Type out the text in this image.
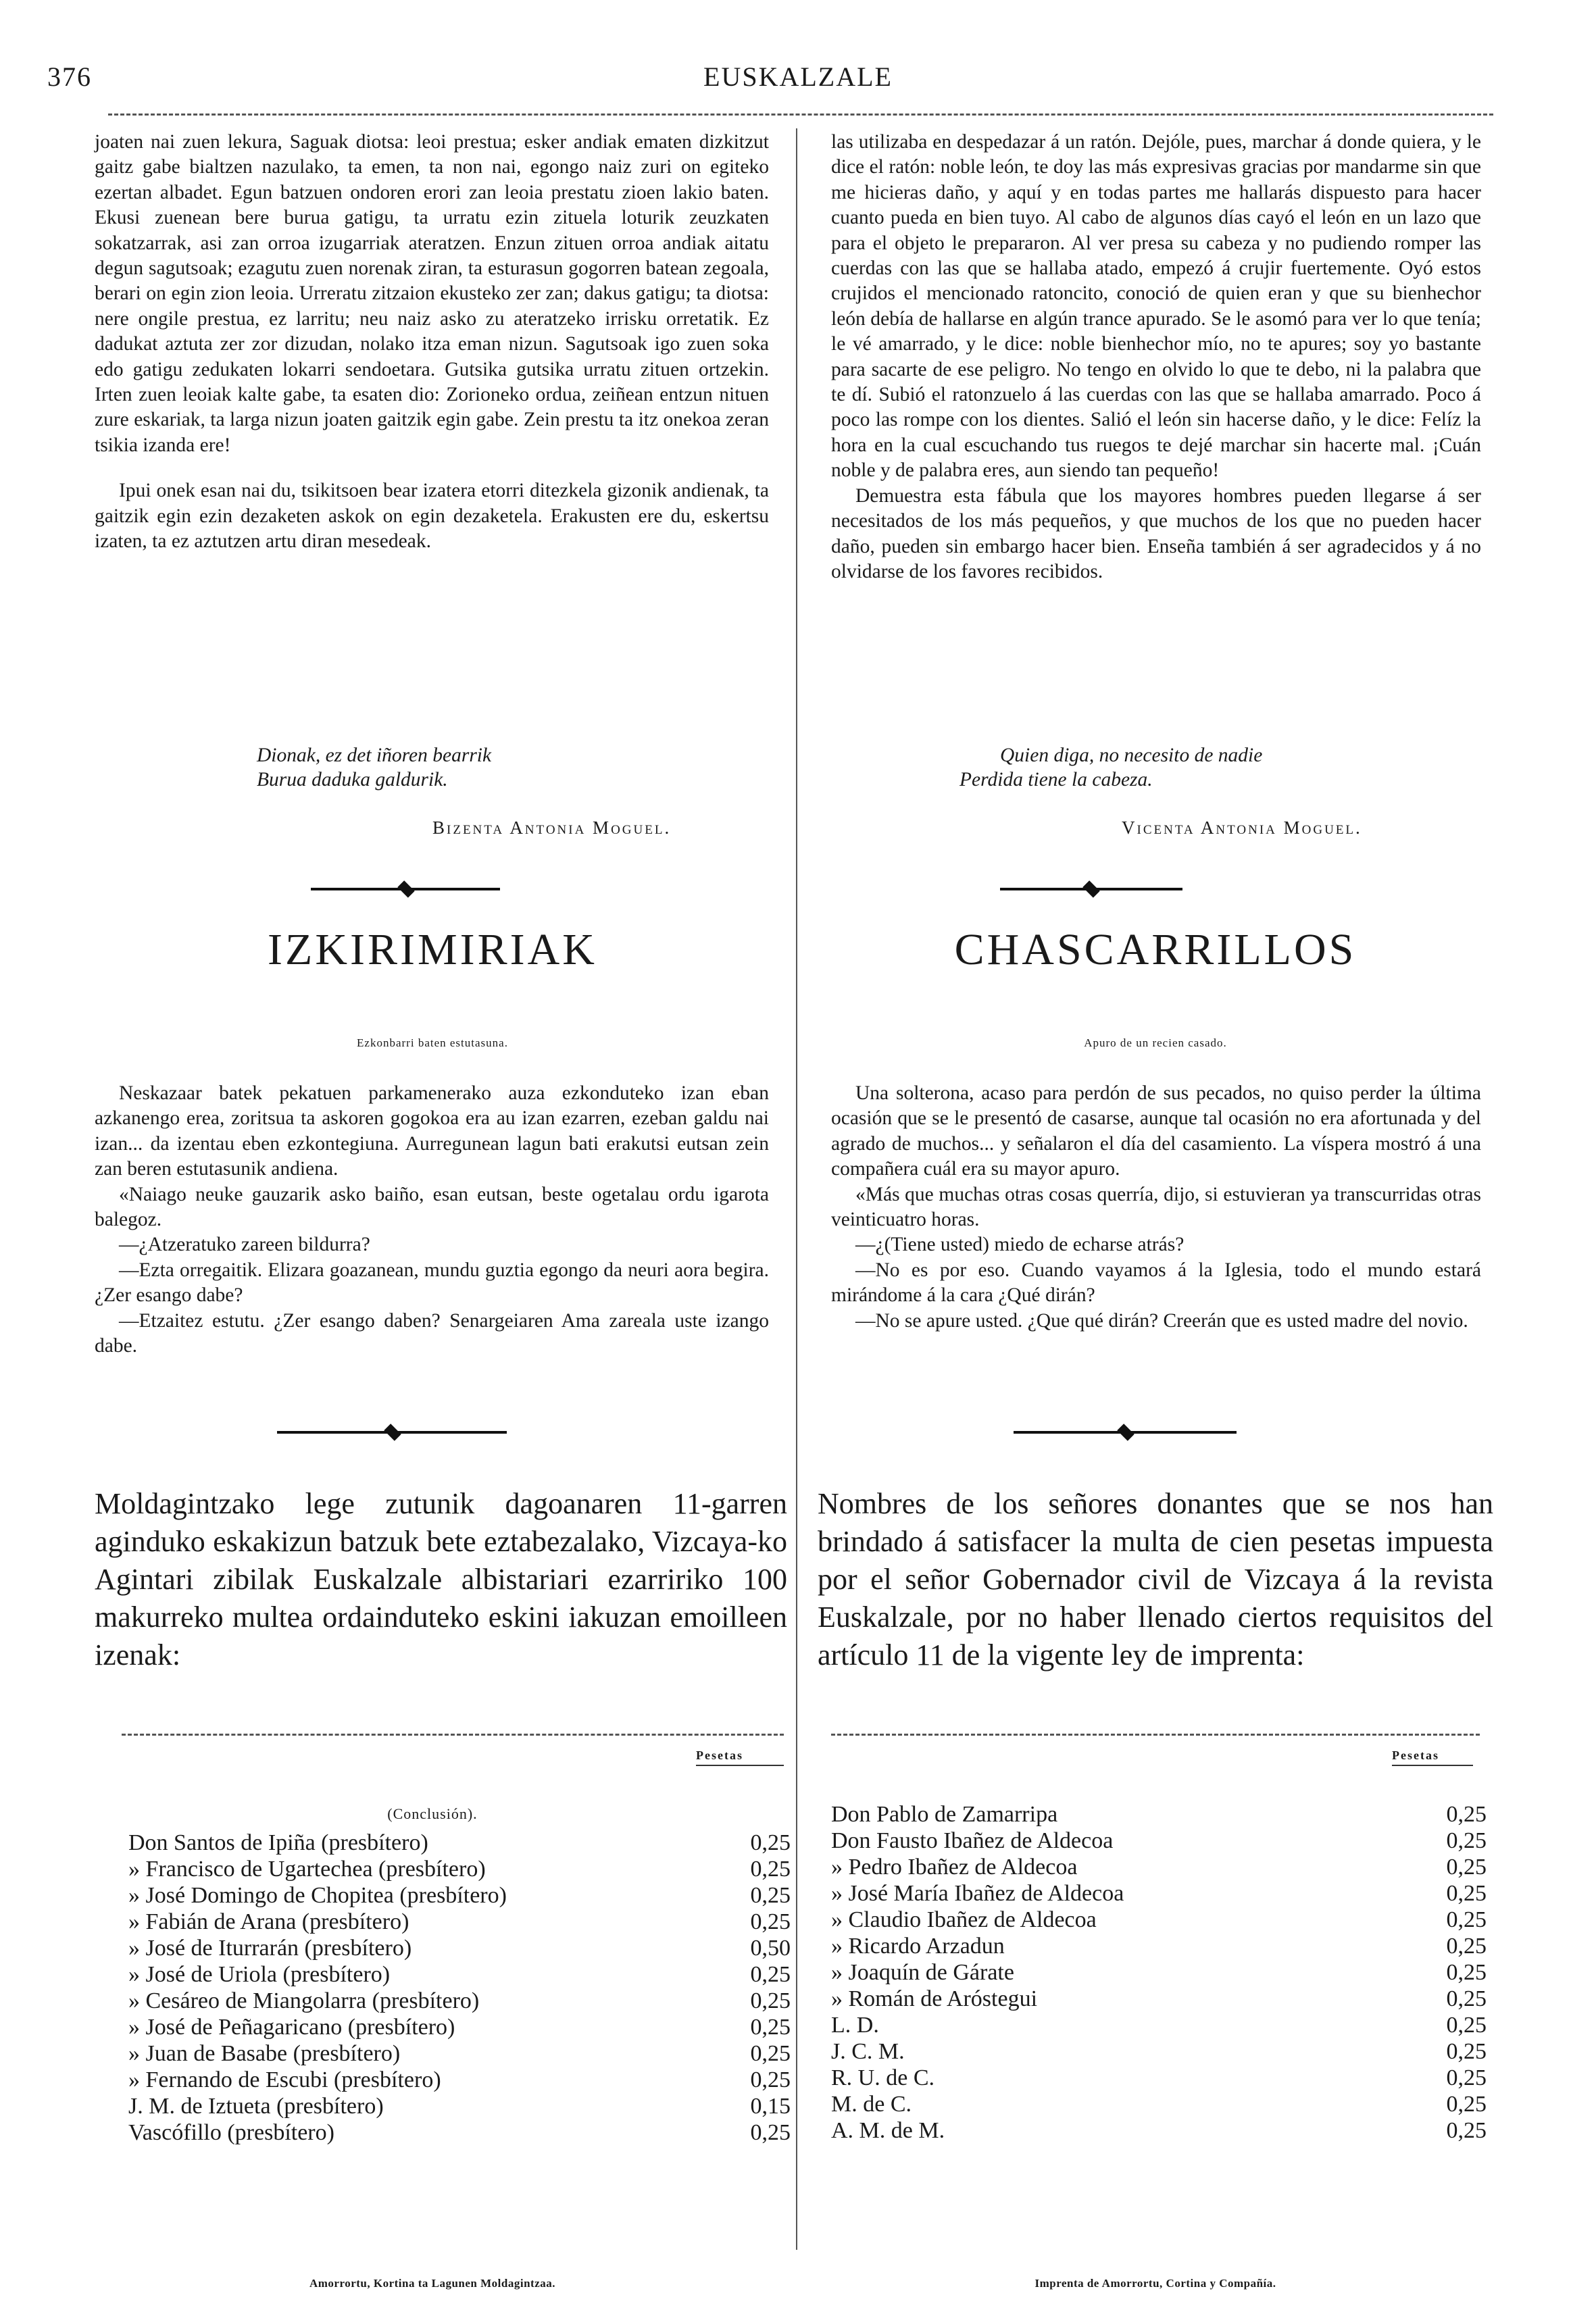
376	EUSKALZALE

joaten nai zuen lekura, Saguak diotsa: leoi prestua; esker andiak ematen dizkitzut gaitz gabe bialtzen nazulako, ta emen, ta non nai, egongo naiz zuri on egiteko ezertan albadet. Egun batzuen ondoren erori zan leoia prestatu zioen lakio baten. Ekusi zuenean bere burua gatigu, ta urratu ezin zituela loturik zeuzkaten sokatzarrak, asi zan orroa izugarriak ateratzen. Enzun zituen orroa andiak aitatu degun sagutsoak; ezagutu zuen norenak ziran, ta esturasun gogorren batean zegoala, berari on egin zion leoia. Urreratu zitzaion ekusteko zer zan; dakus gatigu; ta diotsa: nere ongile prestua, ez larritu; neu naiz asko zu ateratzeko irrisku orretatik. Ez dadukat aztuta zer zor dizudan, nolako itza eman nizun. Sagutsoak igo zuen soka edo gatigu zedukaten lokarri sendoetara. Gutsika gutsika urratu zituen ortzekin. Irten zuen leoiak kalte gabe, ta esaten dio: Zorioneko ordua, zeiñean entzun nituen zure eskariak, ta larga nizun joaten gaitzik egin gabe. Zein prestu ta itz onekoa zeran tsikia izanda ere!

Ipui onek esan nai du, tsikitsoen bear izatera etorri ditezkela gizonik andienak, ta gaitzik egin ezin dezaketen askok on egin dezaketela. Erakusten ere du, eskertsu izaten, ta ez aztutzen artu diran mesedeak.

Dionak, ez det iñoren bearrik
Burua daduka galdurik.
Bizenta Antonia Moguel.
IZKIRIMIRIAK
Ezkonbarri baten estutasuna.

Neskazaar batek pekatuen parkamenerako auza ezkonduteko izan eban azkanengo erea, zoritsua ta askoren gogokoa era au izan ezarren, ezeban galdu nai izan... da izentau eben ezkontegiuna. Aurregunean lagun bati erakutsi eutsan zein zan beren estutasunik andiena.

«Naiago neuke gauzarik asko baiño, esan eutsan, beste ogetalau ordu igarota balegoz.

—¿Atzeratuko zareen bildurra?

—Ezta orregaitik. Elizara goazanean, mundu guztia egongo da neuri aora begira. ¿Zer esango dabe?

—Etzaitez estutu. ¿Zer esango daben? Senargeiaren Ama zareala uste izango dabe.

Moldagintzako lege zutunik dagoanaren 11-garren aginduko eskakizun batzuk bete eztabezalako, Vizcaya-ko Agintari zibilak Euskalzale albistariari ezarririko 100 makurreko multea ordainduteko eskini iakuzan emoilleen izenak:

Pesetas
(Conclusión).
Don Santos de Ipiña (presbítero)	0,25
» Francisco de Ugartechea (presbítero)	0,25
» José Domingo de Chopitea (presbítero)	0,25
» Fabián de Arana (presbítero)	0,25
» José de Iturrarán (presbítero)	0,50
» José de Uriola (presbítero)	0,25
» Cesáreo de Miangolarra (presbítero)	0,25
» José de Peñagaricano (presbítero)	0,25
» Juan de Basabe (presbítero)	0,25
» Fernando de Escubi (presbítero)	0,25
J. M. de Iztueta (presbítero)	0,15
Vascófillo (presbítero)	0,25
Amorrortu, Kortina ta Lagunen Moldagintzaa.

las utilizaba en despedazar á un ratón. Dejóle, pues, marchar á donde quiera, y le dice el ratón: noble león, te doy las más expresivas gracias por mandarme sin que me hicieras daño, y aquí y en todas partes me hallarás dispuesto para hacer cuanto pueda en bien tuyo. Al cabo de algunos días cayó el león en un lazo que para el objeto le prepararon. Al ver presa su cabeza y no pudiendo romper las cuerdas con las que se hallaba atado, empezó á crujir fuertemente. Oyó estos crujidos el mencionado ratoncito, conoció de quien eran y que su bienhechor león debía de hallarse en algún trance apurado. Se le asomó para ver lo que tenía; le vé amarrado, y le dice: noble bienhechor mío, no te apures; soy yo bastante para sacarte de ese peligro. No tengo en olvido lo que te debo, ni la palabra que te dí. Subió el ratonzuelo á las cuerdas con las que se hallaba amarrado. Poco á poco las rompe con los dientes. Salió el león sin hacerse daño, y le dice: Felíz la hora en la cual escuchando tus ruegos te dejé marchar sin hacerte mal. ¡Cuán noble y de palabra eres, aun siendo tan pequeño!

Demuestra esta fábula que los mayores hombres pueden llegarse á ser necesitados de los más pequeños, y que muchos de los que no pueden hacer daño, pueden sin embargo hacer bien. Enseña también á ser agradecidos y á no olvidarse de los favores recibidos.

Quien diga, no necesito de nadie
Perdida tiene la cabeza.
Vicenta Antonia Moguel.
CHASCARRILLOS
Apuro de un recien casado.

Una solterona, acaso para perdón de sus pecados, no quiso perder la última ocasión que se le presentó de casarse, aunque tal ocasión no era afortunada y del agrado de muchos... y señalaron el día del casamiento. La víspera mostró á una compañera cuál era su mayor apuro.

«Más que muchas otras cosas querría, dijo, si estuvieran ya transcurridas otras veinticuatro horas.

—¿(Tiene usted) miedo de echarse atrás?

—No es por eso. Cuando vayamos á la Iglesia, todo el mundo estará mirándome á la cara ¿Qué dirán?

—No se apure usted. ¿Que qué dirán? Creerán que es usted madre del novio.

Nombres de los señores donantes que se nos han brindado á satisfacer la multa de cien pesetas impuesta por el señor Gobernador civil de Vizcaya á la revista Euskalzale, por no haber llenado ciertos requisitos del artículo 11 de la vigente ley de imprenta:

Pesetas
Don Pablo de Zamarripa	0,25
Don Fausto Ibañez de Aldecoa	0,25
» Pedro Ibañez de Aldecoa	0,25
» José María Ibañez de Aldecoa	0,25
» Claudio Ibañez de Aldecoa	0,25
» Ricardo Arzadun	0,25
» Joaquín de Gárate	0,25
» Román de Aróstegui	0,25
L. D.	0,25
J. C. M.	0,25
R. U. de C.	0,25
M. de C.	0,25
A. M. de M.	0,25
Imprenta de Amorrortu, Cortina y Compañía.
